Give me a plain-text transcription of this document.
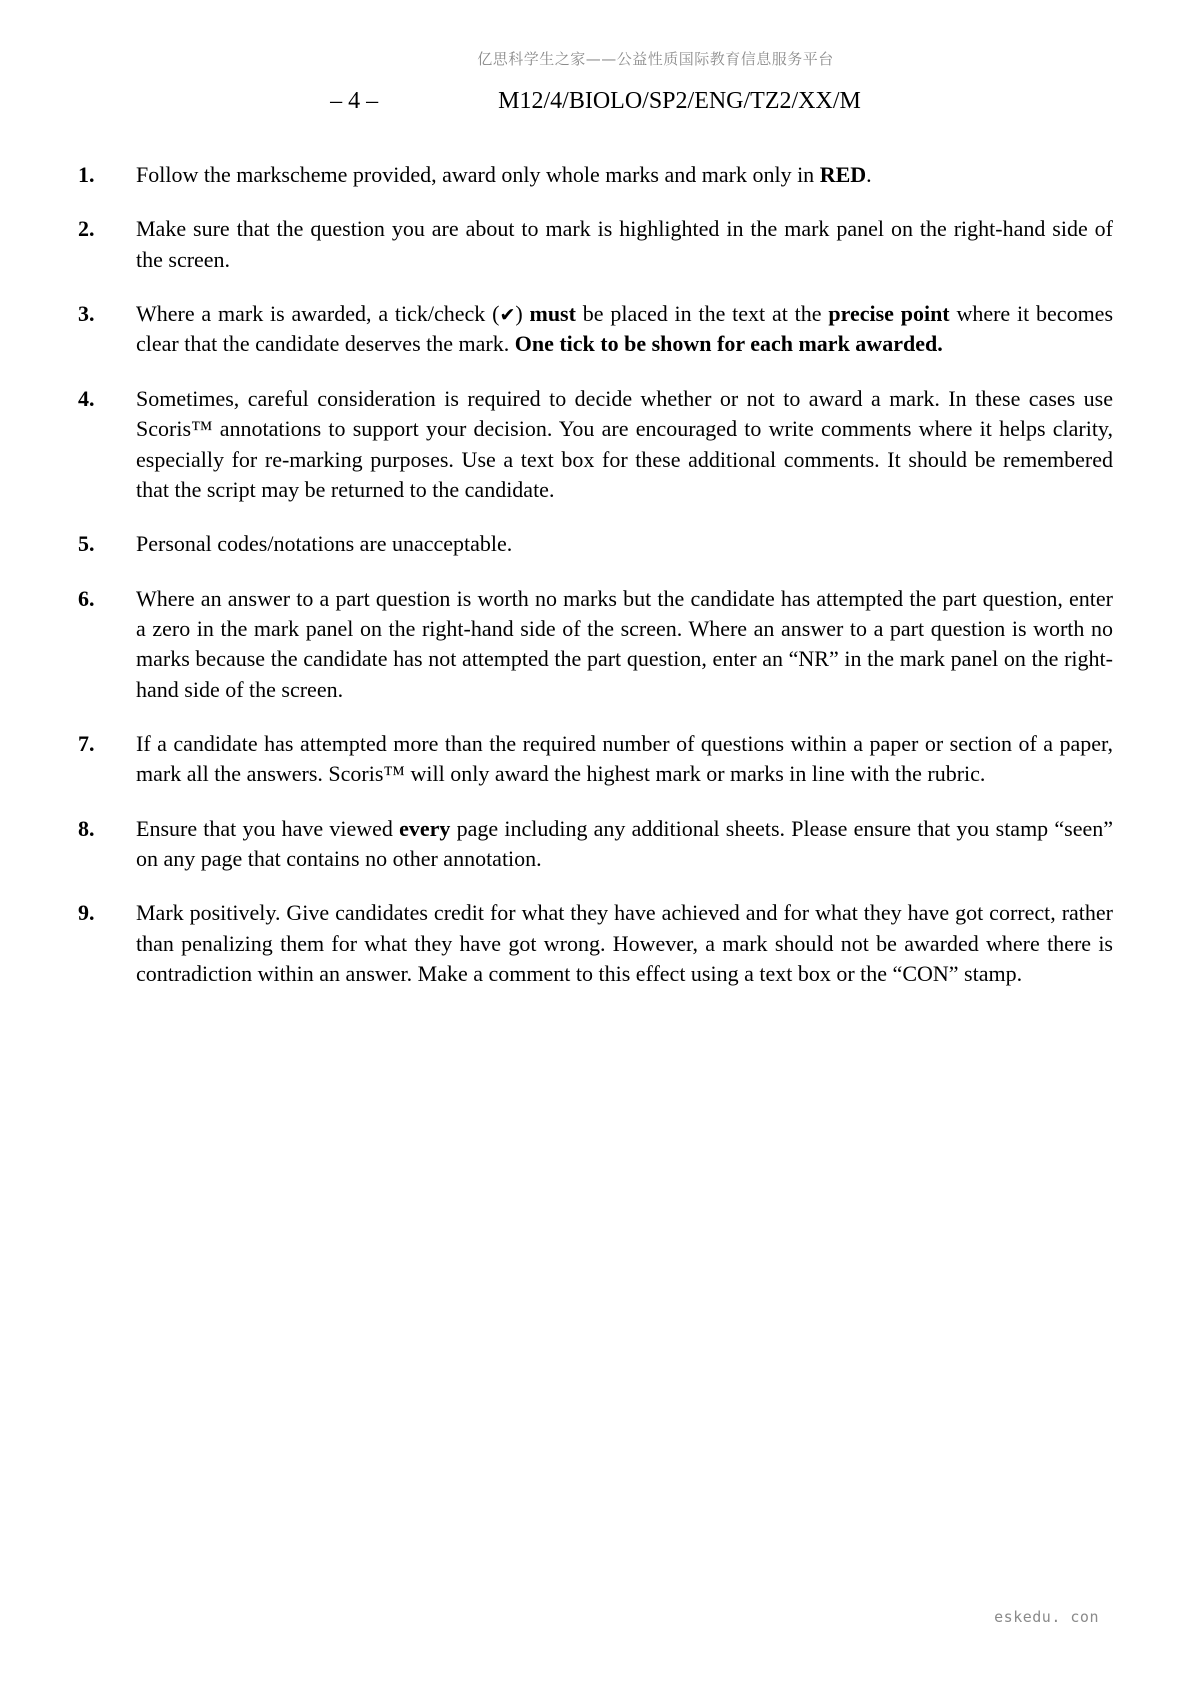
亿思科学生之家——公益性质国际教育信息服务平台
– 4 –	M12/4/BIOLO/SP2/ENG/TZ2/XX/M
1.	Follow the markscheme provided, award only whole marks and mark only in RED.
2.	Make sure that the question you are about to mark is highlighted in the mark panel on the right-hand side of the screen.
3.	Where a mark is awarded, a tick/check (✔) must be placed in the text at the precise point where it becomes clear that the candidate deserves the mark. One tick to be shown for each mark awarded.
4.	Sometimes, careful consideration is required to decide whether or not to award a mark. In these cases use Scoris™ annotations to support your decision. You are encouraged to write comments where it helps clarity, especially for re-marking purposes. Use a text box for these additional comments. It should be remembered that the script may be returned to the candidate.
5.	Personal codes/notations are unacceptable.
6.	Where an answer to a part question is worth no marks but the candidate has attempted the part question, enter a zero in the mark panel on the right-hand side of the screen. Where an answer to a part question is worth no marks because the candidate has not attempted the part question, enter an “NR” in the mark panel on the right-hand side of the screen.
7.	If a candidate has attempted more than the required number of questions within a paper or section of a paper, mark all the answers. Scoris™ will only award the highest mark or marks in line with the rubric.
8.	Ensure that you have viewed every page including any additional sheets. Please ensure that you stamp “seen” on any page that contains no other annotation.
9.	Mark positively. Give candidates credit for what they have achieved and for what they have got correct, rather than penalizing them for what they have got wrong. However, a mark should not be awarded where there is contradiction within an answer. Make a comment to this effect using a text box or the “CON” stamp.
eskedu. con
